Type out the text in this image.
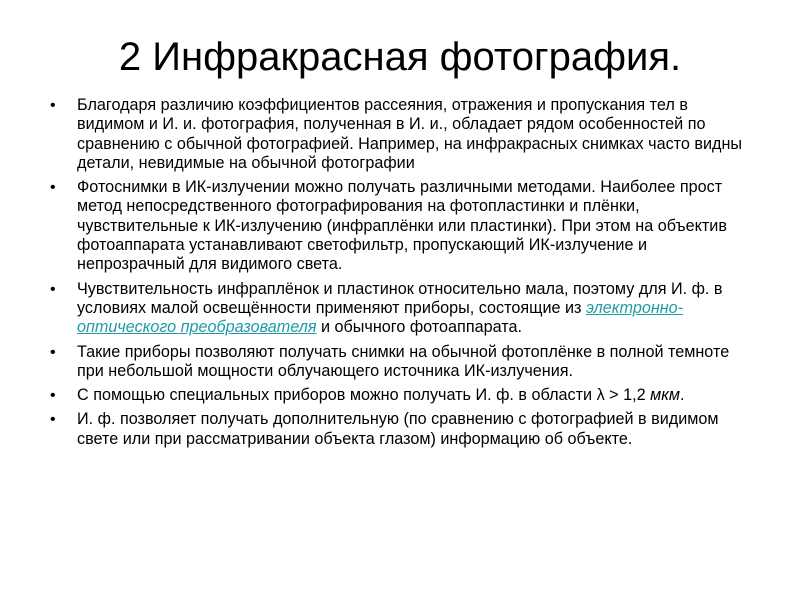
2 Инфракрасная фотография.
• Благодаря различию коэффициентов рассеяния, отражения и пропускания тел в видимом и И. и. фотография, полученная в И. и., обладает рядом особенностей по сравнению с обычной фотографией. Например, на инфракрасных снимках часто видны детали, невидимые на обычной фотографии
• Фотоснимки в ИК-излучении можно получать различными методами. Наиболее прост метод непосредственного фотографирования на фотопластинки и плёнки, чувствительные к ИК-излучению (инфраплёнки или пластинки). При этом на объектив фотоаппарата устанавливают светофильтр, пропускающий ИК-излучение и непрозрачный для видимого света.
• Чувствительность инфраплёнок и пластинок относительно мала, поэтому для И. ф. в условиях малой освещённости применяют приборы, состоящие из электронно-оптического преобразователя и обычного фотоаппарата.
• Такие приборы позволяют получать снимки на обычной фотоплёнке в полной темноте при небольшой мощности облучающего источника ИК-излучения.
• С помощью специальных приборов можно получать И. ф. в области λ > 1,2 мкм.
• И. ф. позволяет получать дополнительную (по сравнению с фотографией в видимом свете или при рассматривании объекта глазом) информацию об объекте.
